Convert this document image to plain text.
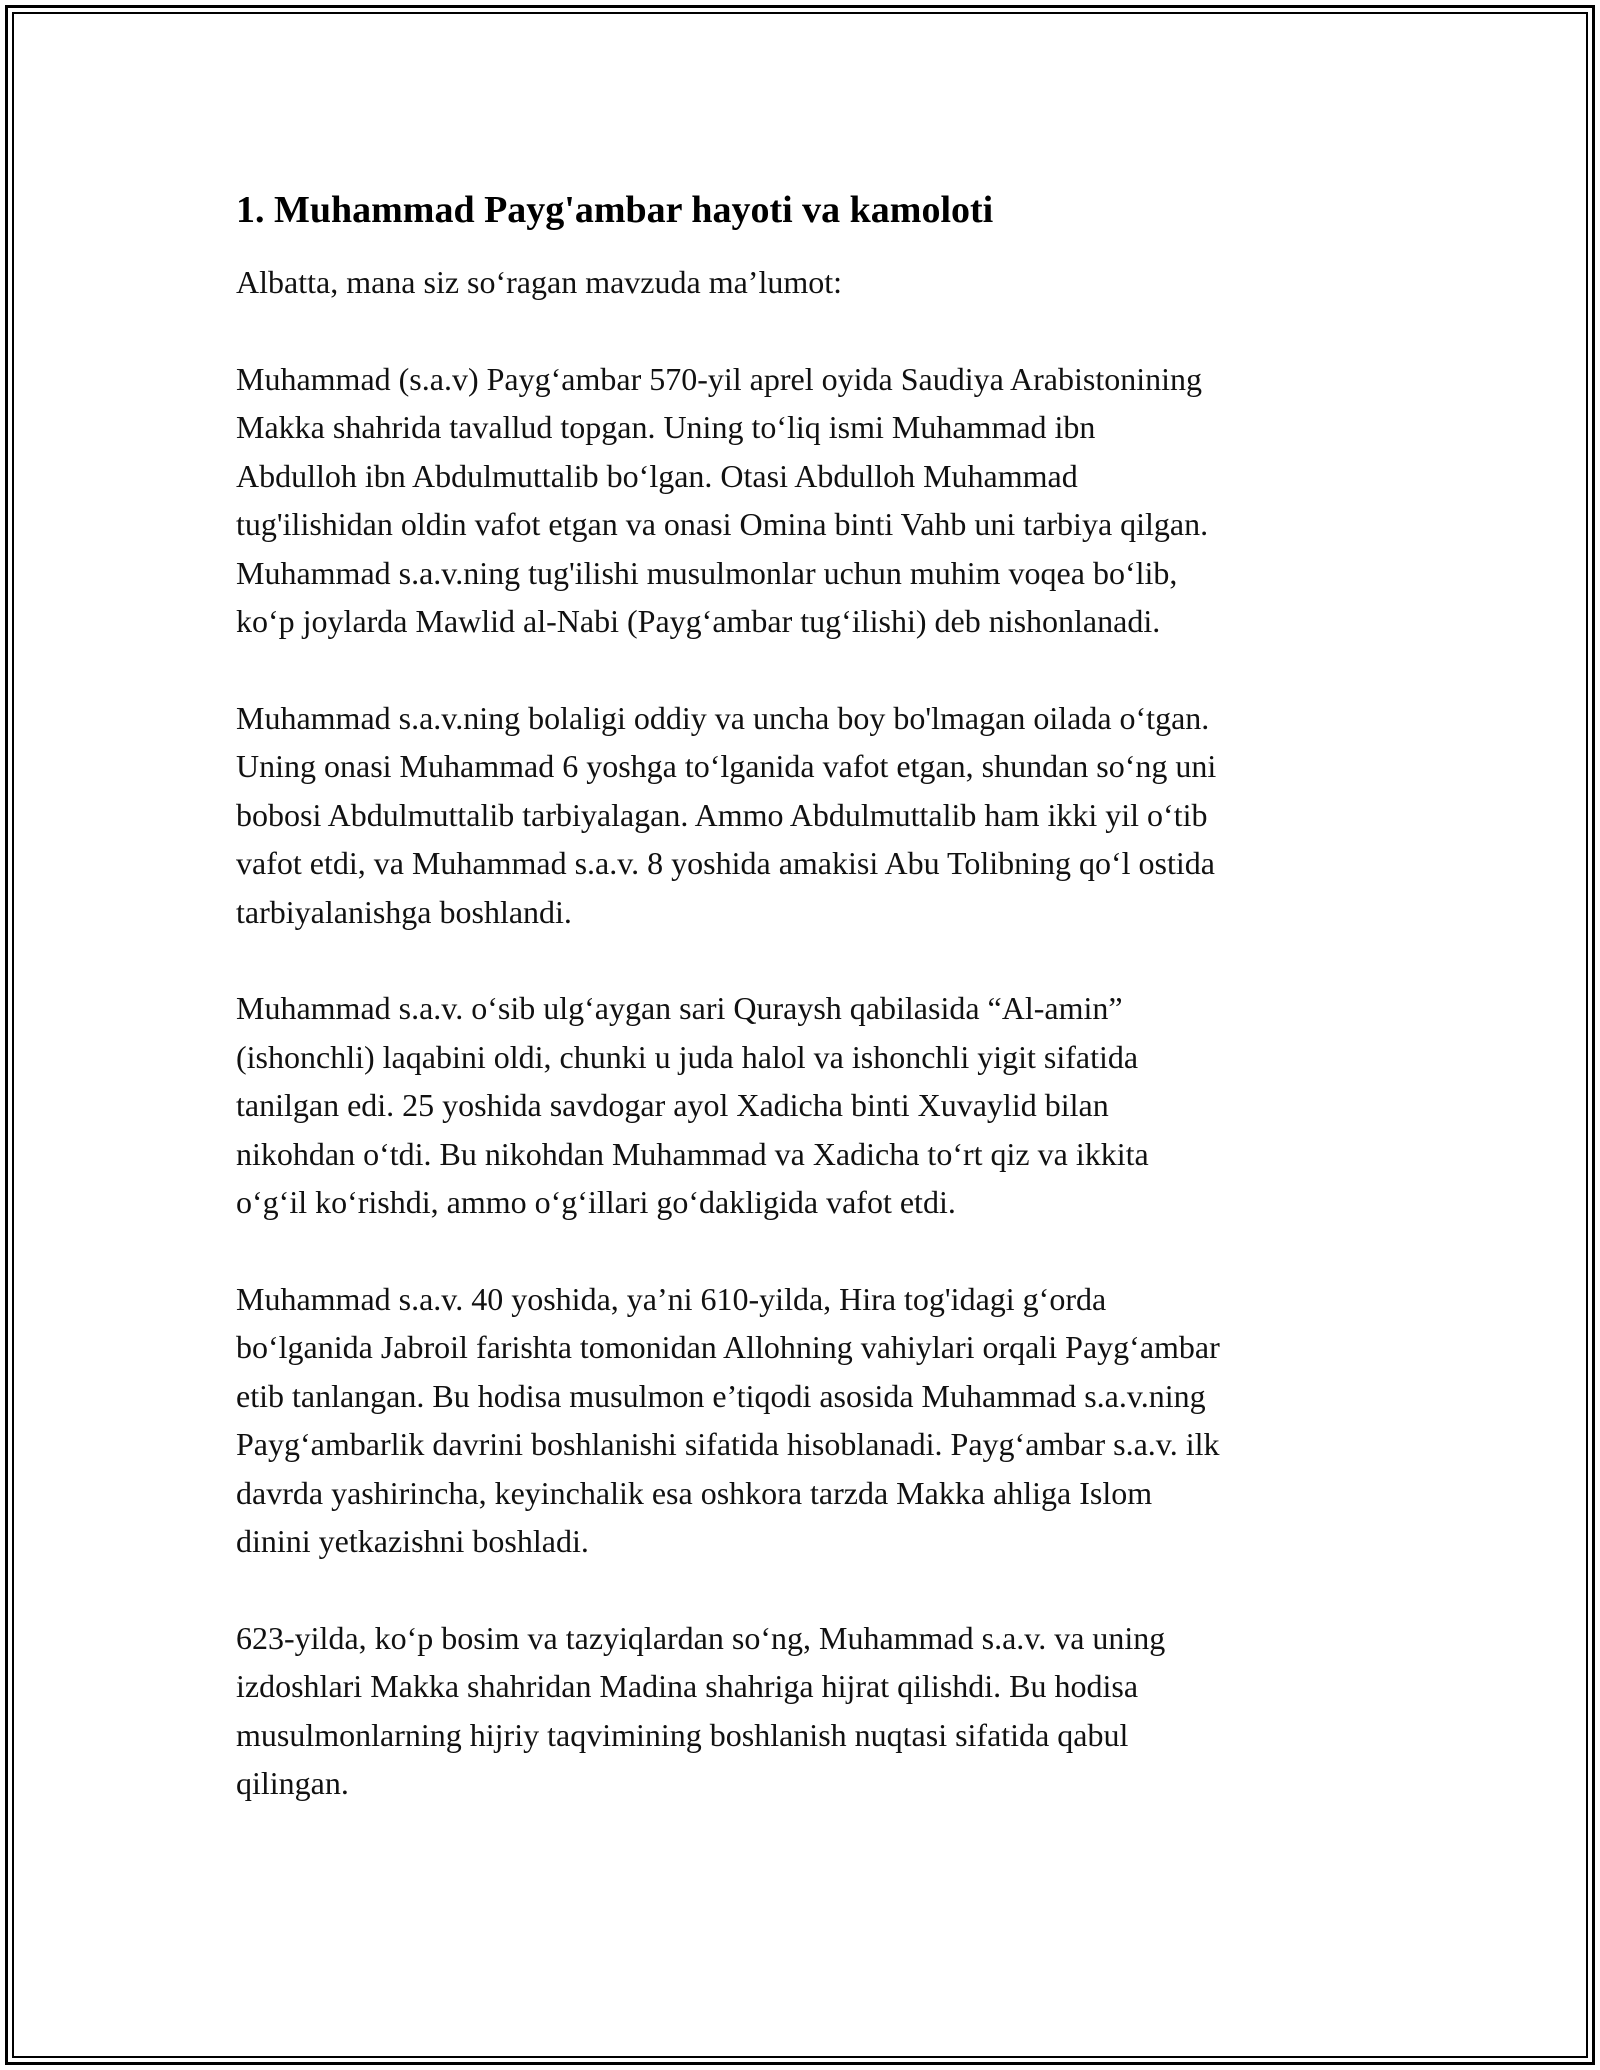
1. Muhammad Payg'ambar hayoti va kamoloti

Albatta, mana siz so‘ragan mavzuda ma’lumot:

Muhammad (s.a.v) Payg‘ambar 570-yil aprel oyida Saudiya Arabistonining
Makka shahrida tavallud topgan. Uning to‘liq ismi Muhammad ibn
Abdulloh ibn Abdulmuttalib bo‘lgan. Otasi Abdulloh Muhammad
tug'ilishidan oldin vafot etgan va onasi Omina binti Vahb uni tarbiya qilgan.
Muhammad s.a.v.ning tug'ilishi musulmonlar uchun muhim voqea bo‘lib,
ko‘p joylarda Mawlid al-Nabi (Payg‘ambar tug‘ilishi) deb nishonlanadi.

Muhammad s.a.v.ning bolaligi oddiy va uncha boy bo'lmagan oilada o‘tgan.
Uning onasi Muhammad 6 yoshga to‘lganida vafot etgan, shundan so‘ng uni
bobosi Abdulmuttalib tarbiyalagan. Ammo Abdulmuttalib ham ikki yil o‘tib
vafot etdi, va Muhammad s.a.v. 8 yoshida amakisi Abu Tolibning qo‘l ostida
tarbiyalanishga boshlandi.

Muhammad s.a.v. o‘sib ulg‘aygan sari Quraysh qabilasida “Al-amin”
(ishonchli) laqabini oldi, chunki u juda halol va ishonchli yigit sifatida
tanilgan edi. 25 yoshida savdogar ayol Xadicha binti Xuvaylid bilan
nikohdan o‘tdi. Bu nikohdan Muhammad va Xadicha to‘rt qiz va ikkita
o‘g‘il ko‘rishdi, ammo o‘g‘illari go‘dakligida vafot etdi.

Muhammad s.a.v. 40 yoshida, ya’ni 610-yilda, Hira tog'idagi g‘orda
bo‘lganida Jabroil farishta tomonidan Allohning vahiylari orqali Payg‘ambar
etib tanlangan. Bu hodisa musulmon e’tiqodi asosida Muhammad s.a.v.ning
Payg‘ambarlik davrini boshlanishi sifatida hisoblanadi. Payg‘ambar s.a.v. ilk
davrda yashirincha, keyinchalik esa oshkora tarzda Makka ahliga Islom
dinini yetkazishni boshladi.

623-yilda, ko‘p bosim va tazyiqlardan so‘ng, Muhammad s.a.v. va uning
izdoshlari Makka shahridan Madina shahriga hijrat qilishdi. Bu hodisa
musulmonlarning hijriy taqvimining boshlanish nuqtasi sifatida qabul
qilingan.
